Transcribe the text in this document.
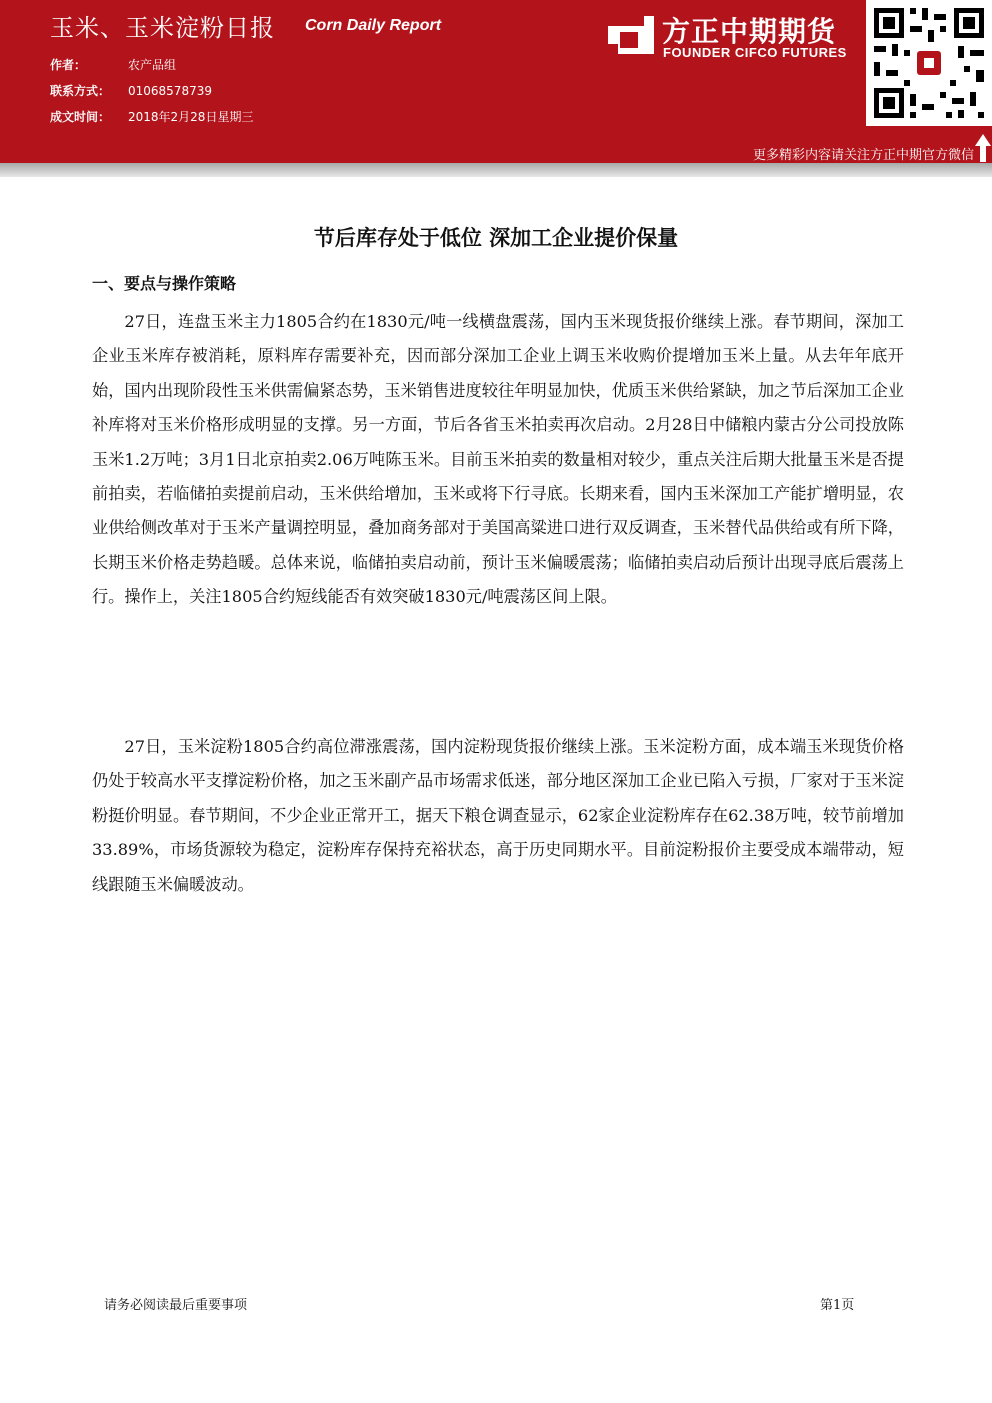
玉米、玉米淀粉日报 Corn Daily Report
作者：	农产品组
联系方式： 01068578739
成文时间： 2018年2月28日星期三
方正中期期货
FOUNDER CIFCO FUTURES
更多精彩内容请关注方正中期官方微信
节后库存处于低位 深加工企业提价保量
一、要点与操作策略
27日，连盘玉米主力1805合约在1830元/吨一线横盘震荡，国内玉米现货报价继续上涨。春节期间，深加工企业玉米库存被消耗，原料库存需要补充，因而部分深加工企业上调玉米收购价提增加玉米上量。从去年年底开始，国内出现阶段性玉米供需偏紧态势，玉米销售进度较往年明显加快，优质玉米供给紧缺，加之节后深加工企业补库将对玉米价格形成明显的支撑。另一方面，节后各省玉米拍卖再次启动。2月28日中储粮内蒙古分公司投放陈玉米1.2万吨；3月1日北京拍卖2.06万吨陈玉米。目前玉米拍卖的数量相对较少，重点关注后期大批量玉米是否提前拍卖，若临储拍卖提前启动，玉米供给增加，玉米或将下行寻底。长期来看，国内玉米深加工产能扩增明显，农业供给侧改革对于玉米产量调控明显，叠加商务部对于美国高粱进口进行双反调查，玉米替代品供给或有所下降，长期玉米价格走势趋暖。总体来说，临储拍卖启动前，预计玉米偏暖震荡；临储拍卖启动后预计出现寻底后震荡上行。操作上，关注1805合约短线能否有效突破1830元/吨震荡区间上限。
27日，玉米淀粉1805合约高位滞涨震荡，国内淀粉现货报价继续上涨。玉米淀粉方面，成本端玉米现货价格仍处于较高水平支撑淀粉价格，加之玉米副产品市场需求低迷，部分地区深加工企业已陷入亏损，厂家对于玉米淀粉挺价明显。春节期间，不少企业正常开工，据天下粮仓调查显示，62家企业淀粉库存在62.38万吨，较节前增加33.89%，市场货源较为稳定，淀粉库存保持充裕状态，高于历史同期水平。目前淀粉报价主要受成本端带动，短线跟随玉米偏暖波动。
请务必阅读最后重要事项	第1页
